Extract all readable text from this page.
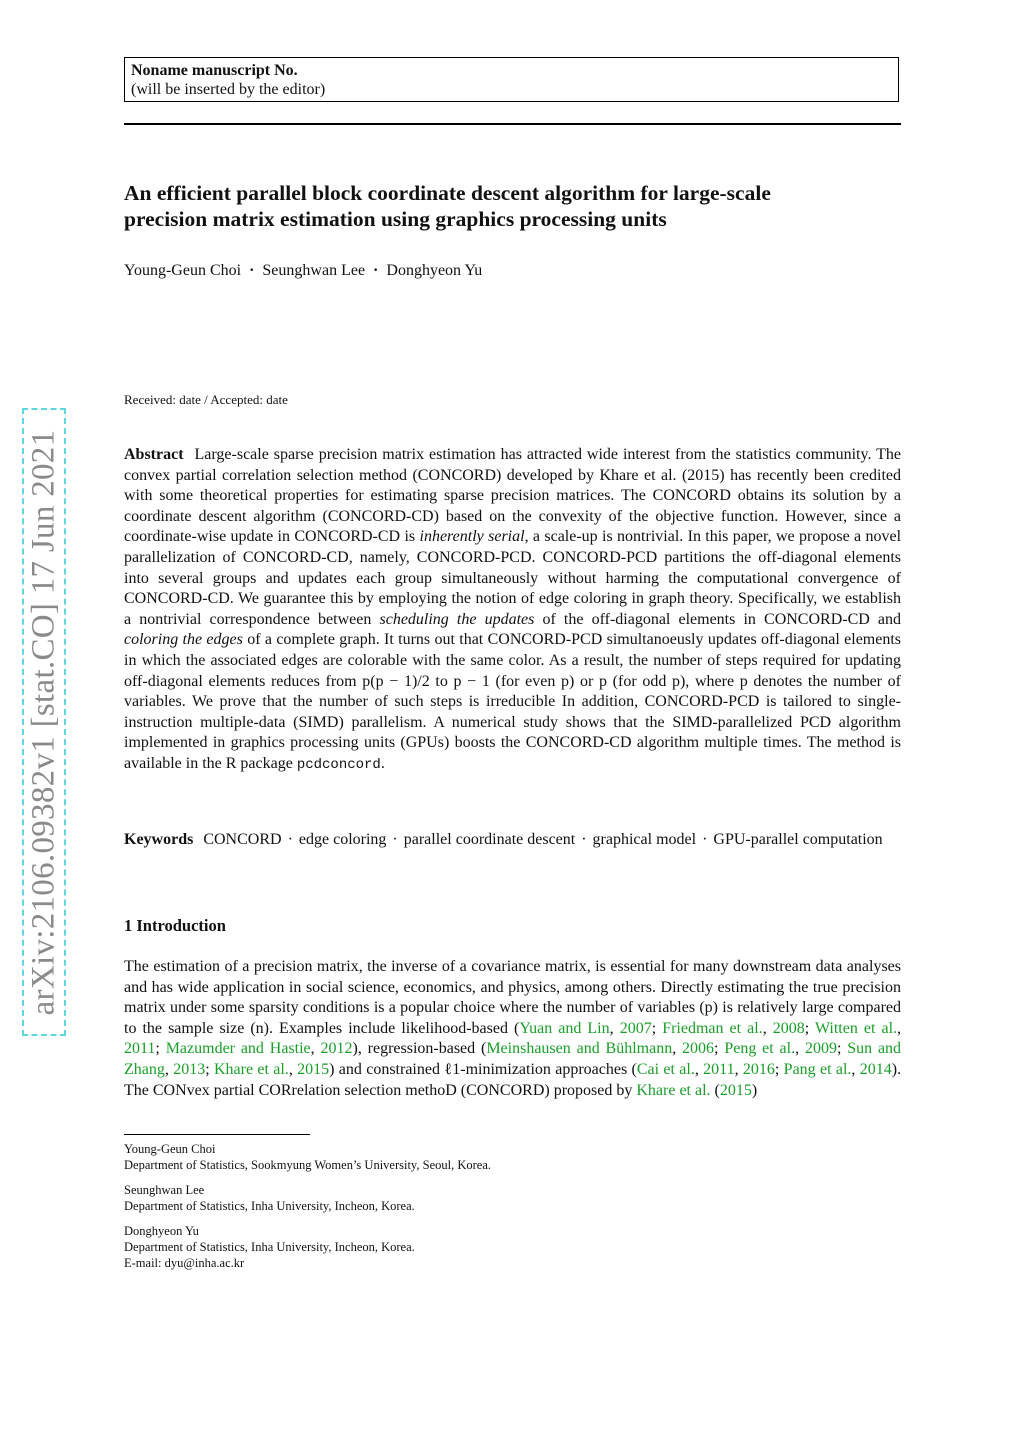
Noname manuscript No.
(will be inserted by the editor)
An efficient parallel block coordinate descent algorithm for large-scale
precision matrix estimation using graphics processing units
Young-Geun Choi · Seunghwan Lee · Donghyeon Yu
Received: date / Accepted: date
Abstract Large-scale sparse precision matrix estimation has attracted wide interest from the statistics community. The convex partial correlation selection method (CONCORD) developed by Khare et al. (2015) has recently been credited with some theoretical properties for estimating sparse precision matrices. The CONCORD obtains its solution by a coordinate descent algorithm (CONCORD-CD) based on the convexity of the objective function. However, since a coordinate-wise update in CONCORD-CD is inherently serial, a scale-up is nontrivial. In this paper, we propose a novel parallelization of CONCORD-CD, namely, CONCORD-PCD. CONCORD-PCD partitions the off-diagonal elements into several groups and updates each group simultaneously without harming the computational convergence of CONCORD-CD. We guarantee this by employing the notion of edge coloring in graph theory. Specifically, we establish a nontrivial correspondence between scheduling the updates of the off-diagonal elements in CONCORD-CD and coloring the edges of a complete graph. It turns out that CONCORD-PCD simultanoeusly updates off-diagonal elements in which the associated edges are colorable with the same color. As a result, the number of steps required for updating off-diagonal elements reduces from p(p − 1)/2 to p − 1 (for even p) or p (for odd p), where p denotes the number of variables. We prove that the number of such steps is irreducible In addition, CONCORD-PCD is tailored to single-instruction multiple-data (SIMD) parallelism. A numerical study shows that the SIMD-parallelized PCD algorithm implemented in graphics processing units (GPUs) boosts the CONCORD-CD algorithm multiple times. The method is available in the R package pcdconcord.
Keywords CONCORD · edge coloring · parallel coordinate descent · graphical model · GPU-parallel computation
1 Introduction
The estimation of a precision matrix, the inverse of a covariance matrix, is essential for many downstream data analyses and has wide application in social science, economics, and physics, among others. Directly estimating the true precision matrix under some sparsity conditions is a popular choice where the number of variables (p) is relatively large compared to the sample size (n). Examples include likelihood-based (Yuan and Lin, 2007; Friedman et al., 2008; Witten et al., 2011; Mazumder and Hastie, 2012), regression-based (Meinshausen and Bühlmann, 2006; Peng et al., 2009; Sun and Zhang, 2013; Khare et al., 2015) and constrained ℓ1-minimization approaches (Cai et al., 2011, 2016; Pang et al., 2014). The CONvex partial CORrelation selection methoD (CONCORD) proposed by Khare et al. (2015)
Young-Geun Choi
Department of Statistics, Sookmyung Women’s University, Seoul, Korea.
Seunghwan Lee
Department of Statistics, Inha University, Incheon, Korea.
Donghyeon Yu
Department of Statistics, Inha University, Incheon, Korea.
E-mail: dyu@inha.ac.kr
arXiv:2106.09382v1 [stat.CO] 17 Jun 2021
